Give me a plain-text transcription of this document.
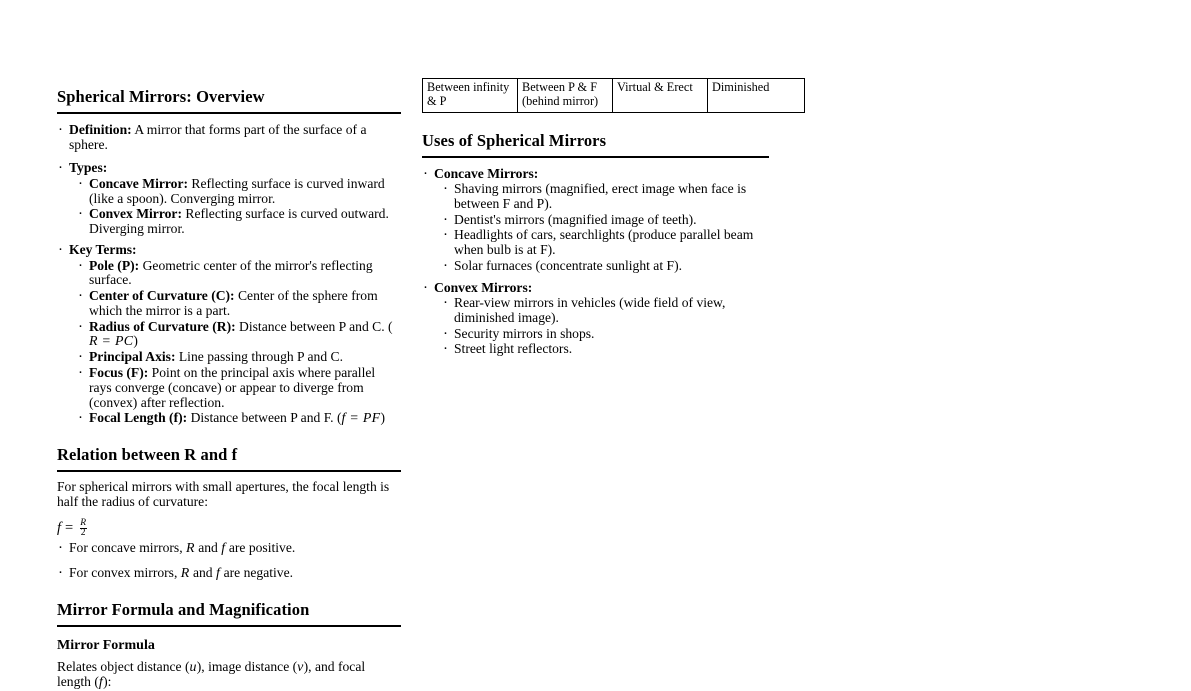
Spherical Mirrors: Overview
· Definition: A mirror that forms part of the surface of a sphere.
· Types:
· Concave Mirror: Reflecting surface is curved inward (like a spoon). Converging mirror.
· Convex Mirror: Reflecting surface is curved outward. Diverging mirror.
· Key Terms:
· Pole (P): Geometric center of the mirror's reflecting surface.
· Center of Curvature (C): Center of the sphere from which the mirror is a part.
· Radius of Curvature (R): Distance between P and C. (
R = PC)
· Principal Axis: Line passing through P and C.
· Focus (F): Point on the principal axis where parallel rays converge (concave) or appear to diverge from (convex) after reflection.
· Focal Length (f): Distance between P and F. (f = PF)
Relation between R and f

For spherical mirrors with small apertures, the focal length is half the radius of curvature:

$f = \frac{R}{2}$
· For concave mirrors, R and f are positive.
· For convex mirrors, R and f are negative.
Mirror Formula and Magnification
Mirror Formula

Relates object distance (u), image distance (v), and focal length (f):

Between infinity & P	Between P & F (behind mirror)	Virtual & Erect	Diminished
Uses of Spherical Mirrors
· Concave Mirrors:
· Shaving mirrors (magnified, erect image when face is between F and P).
· Dentist's mirrors (magnified image of teeth).
· Headlights of cars, searchlights (produce parallel beam when bulb is at F).
· Solar furnaces (concentrate sunlight at F).
· Convex Mirrors:
· Rear-view mirrors in vehicles (wide field of view, diminished image).
· Security mirrors in shops.
· Street light reflectors.
